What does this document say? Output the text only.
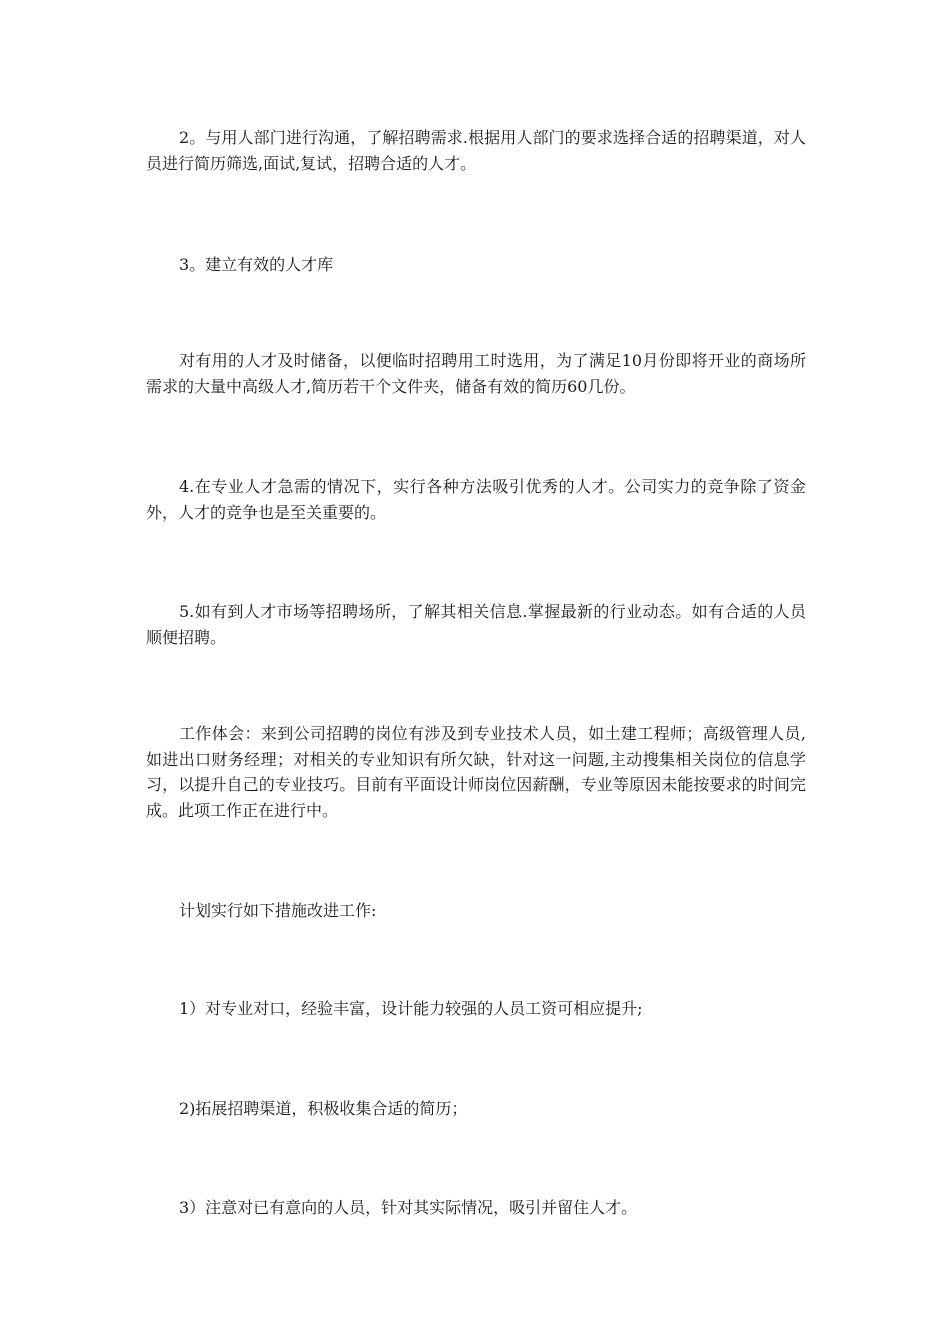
2。与用人部门进行沟通，了解招聘需求.根据用人部门的要求选择合适的招聘渠道，对人员进行简历筛选,面试,复试，招聘合适的人才。

3。建立有效的人才库

对有用的人才及时储备，以便临时招聘用工时选用，为了满足10月份即将开业的商场所需求的大量中高级人才,简历若干个文件夹，储备有效的简历60几份。

4.在专业人才急需的情况下，实行各种方法吸引优秀的人才。公司实力的竞争除了资金外，人才的竞争也是至关重要的。

5.如有到人才市场等招聘场所，了解其相关信息.掌握最新的行业动态。如有合适的人员顺便招聘。

工作体会：来到公司招聘的岗位有涉及到专业技术人员，如土建工程师；高级管理人员,如进出口财务经理；对相关的专业知识有所欠缺，针对这一问题,主动搜集相关岗位的信息学习，以提升自己的专业技巧。目前有平面设计师岗位因薪酬，专业等原因未能按要求的时间完成。此项工作正在进行中。

计划实行如下措施改进工作:

1）对专业对口，经验丰富，设计能力较强的人员工资可相应提升;

2)拓展招聘渠道，积极收集合适的简历；

3）注意对已有意向的人员，针对其实际情况，吸引并留住人才。
